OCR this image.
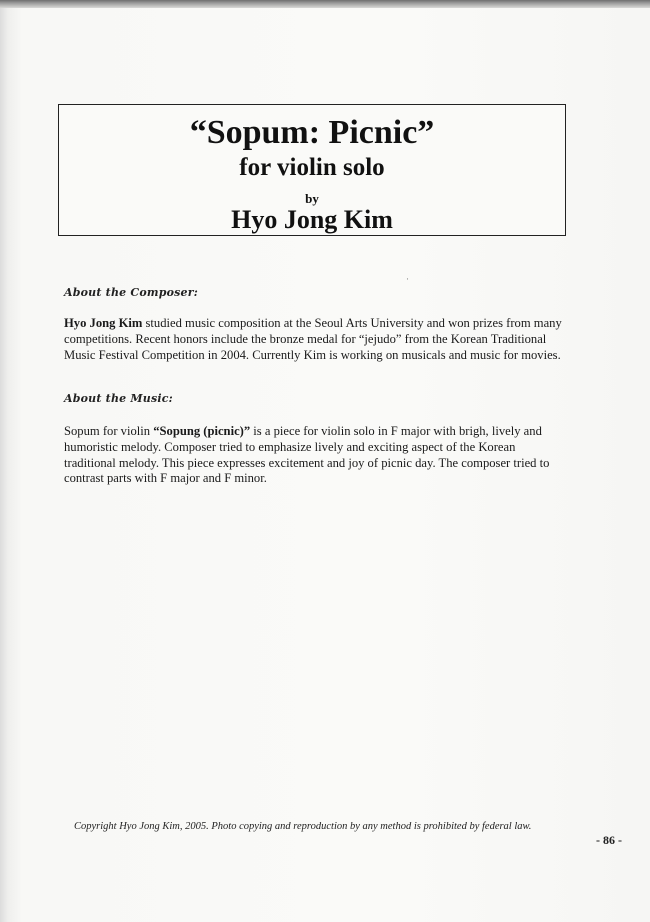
“Sopum: Picnic”
for violin solo
by
Hyo Jong Kim
·
About the Composer:
Hyo Jong Kim studied music composition at the Seoul Arts University and won prizes from many competitions. Recent honors include the bronze medal for “jejudo” from the Korean Traditional Music Festival Competition in 2004. Currently Kim is working on musicals and music for movies.
About the Music:
Sopum for violin “Sopung (picnic)” is a piece for violin solo in F major with brigh, lively and humoristic melody. Composer tried to emphasize lively and exciting aspect of the Korean traditional melody. This piece expresses excitement and joy of picnic day. The composer tried to contrast parts with F major and F minor.
Copyright Hyo Jong Kim, 2005. Photo copying and reproduction by any method is prohibited by federal law.
- 86 -
